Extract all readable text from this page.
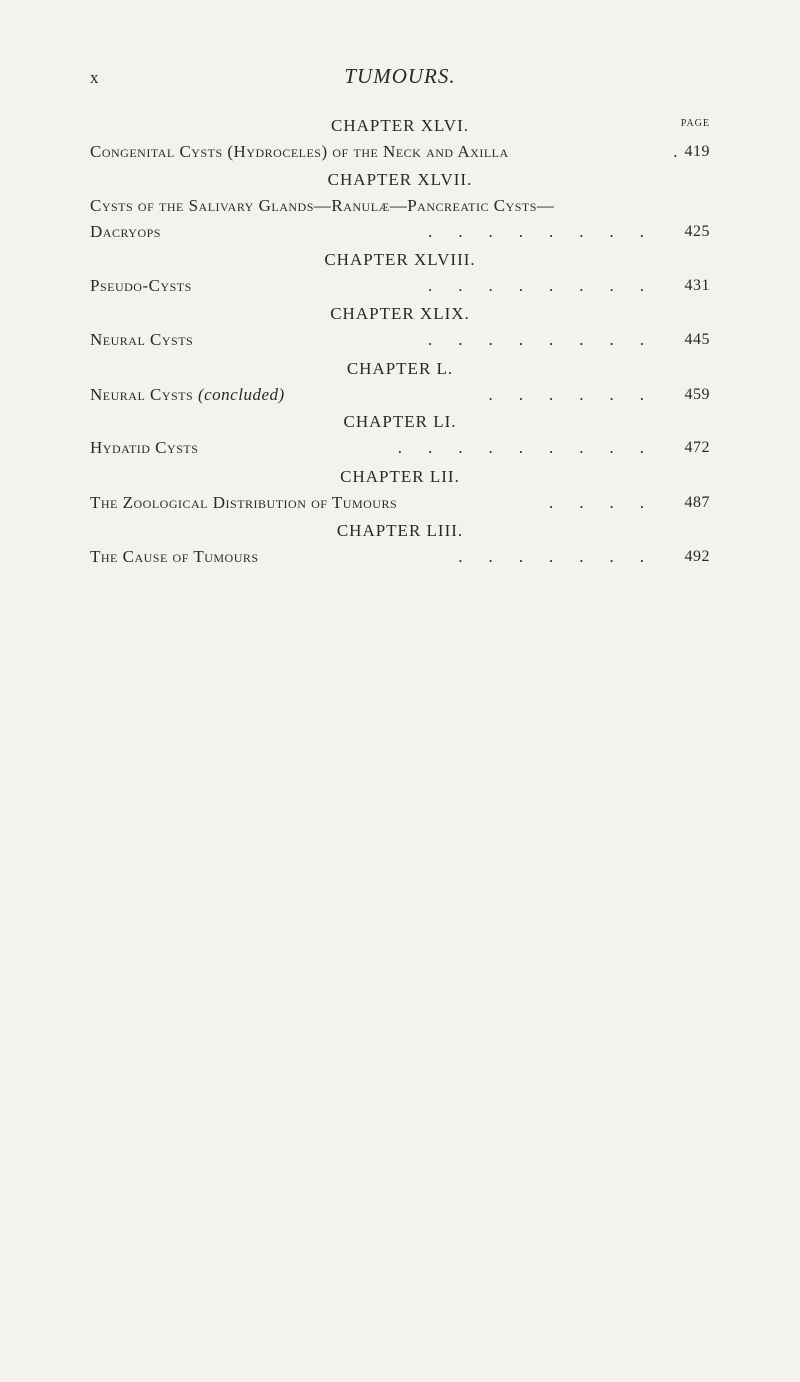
x	TUMOURS.
CHAPTER XLVI.	PAGE
Congenital Cysts (Hydroceles) of the Neck and Axilla	. 419
CHAPTER XLVII.
Cysts of the Salivary Glands—Ranulæ—Pancreatic Cysts—
Dacryops	........ 425
CHAPTER XLVIII.
Pseudo-Cysts	........ 431
CHAPTER XLIX.
Neural Cysts	........ 445
CHAPTER L.
Neural Cysts (concluded)	...... 459
CHAPTER LI.
Hydatid Cysts	......... 472
CHAPTER LII.
The Zoological Distribution of Tumours	.... 487
CHAPTER LIII.
The Cause of Tumours	....... 492
